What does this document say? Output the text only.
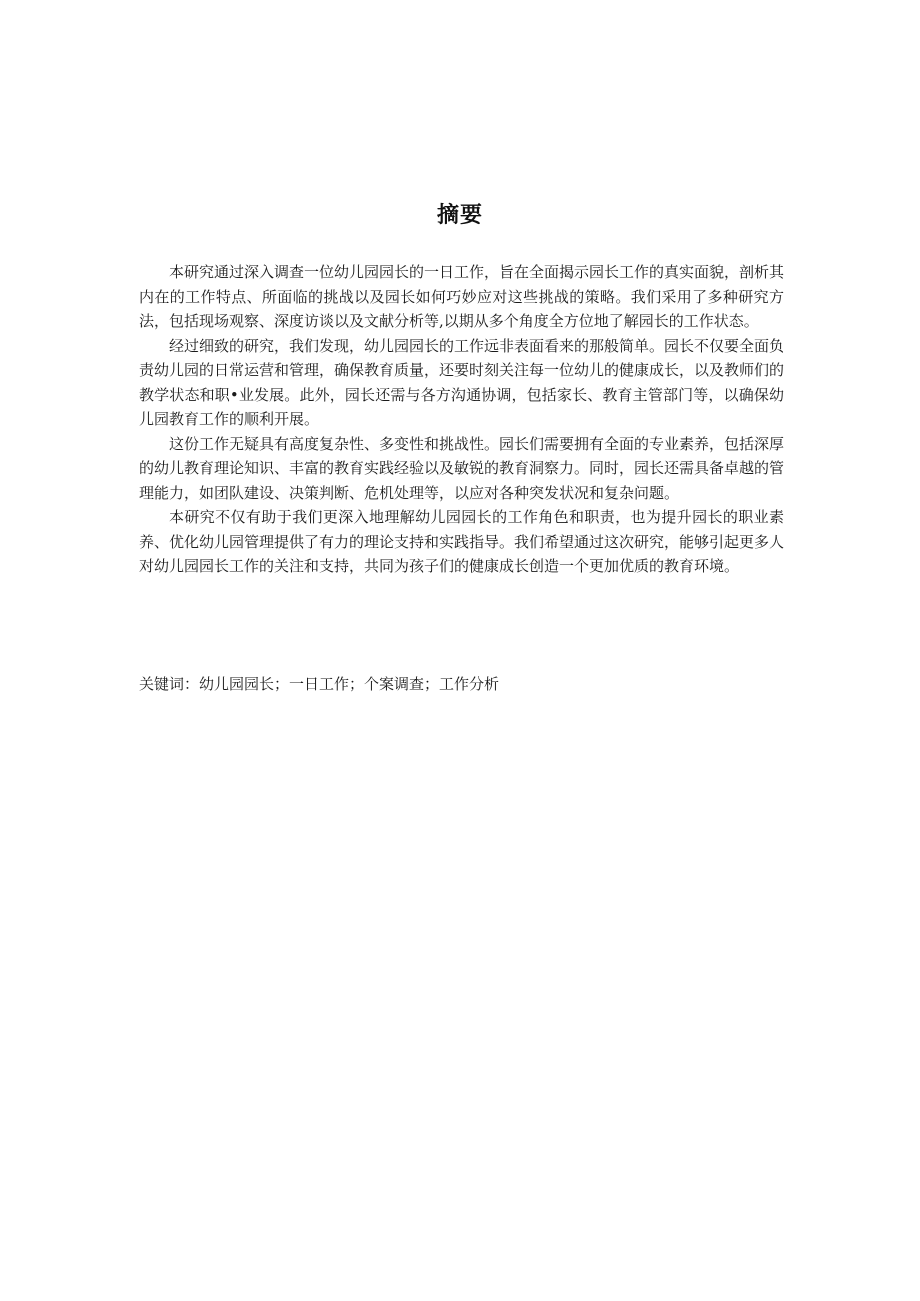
摘要

本研究通过深入调查一位幼儿园园长的一日工作，旨在全面揭示园长工作的真实面貌，剖析其内在的工作特点、所面临的挑战以及园长如何巧妙应对这些挑战的策略。我们采用了多种研究方法，包括现场观察、深度访谈以及文献分析等,以期从多个角度全方位地了解园长的工作状态。

经过细致的研究，我们发现，幼儿园园长的工作远非表面看来的那般简单。园长不仅要全面负责幼儿园的日常运营和管理，确保教育质量，还要时刻关注每一位幼儿的健康成长，以及教师们的教学状态和职•业发展。此外，园长还需与各方沟通协调，包括家长、教育主管部门等，以确保幼儿园教育工作的顺利开展。

这份工作无疑具有高度复杂性、多变性和挑战性。园长们需要拥有全面的专业素养，包括深厚的幼儿教育理论知识、丰富的教育实践经验以及敏锐的教育洞察力。同时，园长还需具备卓越的管理能力，如团队建设、决策判断、危机处理等，以应对各种突发状况和复杂问题。

本研究不仅有助于我们更深入地理解幼儿园园长的工作角色和职责，也为提升园长的职业素养、优化幼儿园管理提供了有力的理论支持和实践指导。我们希望通过这次研究，能够引起更多人对幼儿园园长工作的关注和支持，共同为孩子们的健康成长创造一个更加优质的教育环境。

关键词：幼儿园园长；一日工作；个案调查；工作分析
